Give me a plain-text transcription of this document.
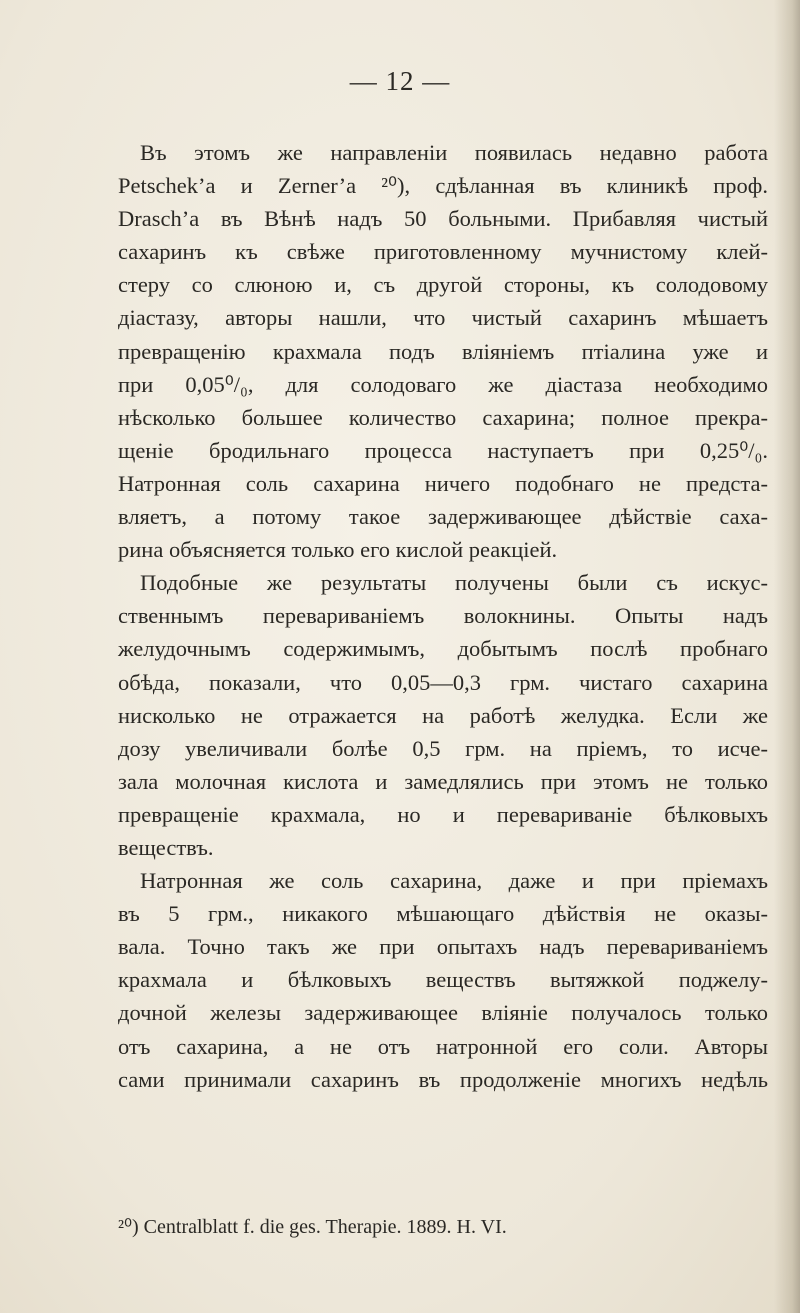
— 12 —
Въ этомъ же направленіи появилась недавно работа
Petschek’a и Zerner’a ²⁰), сдѣланная въ клиникѣ проф.
Drasch’a въ Вѣнѣ надъ 50 больными. Прибавляя чистый
сахаринъ къ свѣже приготовленному мучнистому клей-
стеру со слюною и, съ другой стороны, къ солодовому
діастазу, авторы нашли, что чистый сахаринъ мѣшаетъ
превращенію крахмала подъ вліяніемъ птіалина уже и
при 0,05⁰/₀, для солодоваго же діастаза необходимо
нѣсколько большее количество сахарина; полное прекра-
щеніе бродильнаго процесса наступаетъ при 0,25⁰/₀.
Натронная соль сахарина ничего подобнаго не предста-
вляетъ, а потому такое задерживающее дѣйствіе саха-
рина объясняется только его кислой реакціей.
Подобные же результаты получены были съ искус-
ственнымъ перевариваніемъ волокнины. Опыты надъ
желудочнымъ содержимымъ, добытымъ послѣ пробнаго
обѣда, показали, что 0,05—0,3 грм. чистаго сахарина
нисколько не отражается на работѣ желудка. Если же
дозу увеличивали болѣе 0,5 грм. на пріемъ, то исче-
зала молочная кислота и замедлялись при этомъ не только
превращеніе крахмала, но и перевариваніе бѣлковыхъ
веществъ.
Натронная же соль сахарина, даже и при пріемахъ
въ 5 грм., никакого мѣшающаго дѣйствія не оказы-
вала. Точно такъ же при опытахъ надъ перевариваніемъ
крахмала и бѣлковыхъ веществъ вытяжкой поджелу-
дочной железы задерживающее вліяніе получалось только
отъ сахарина, а не отъ натронной его соли. Авторы
сами принимали сахаринъ въ продолженіе многихъ недѣль
²⁰) Centralblatt f. die ges. Therapie. 1889. H. VI.
